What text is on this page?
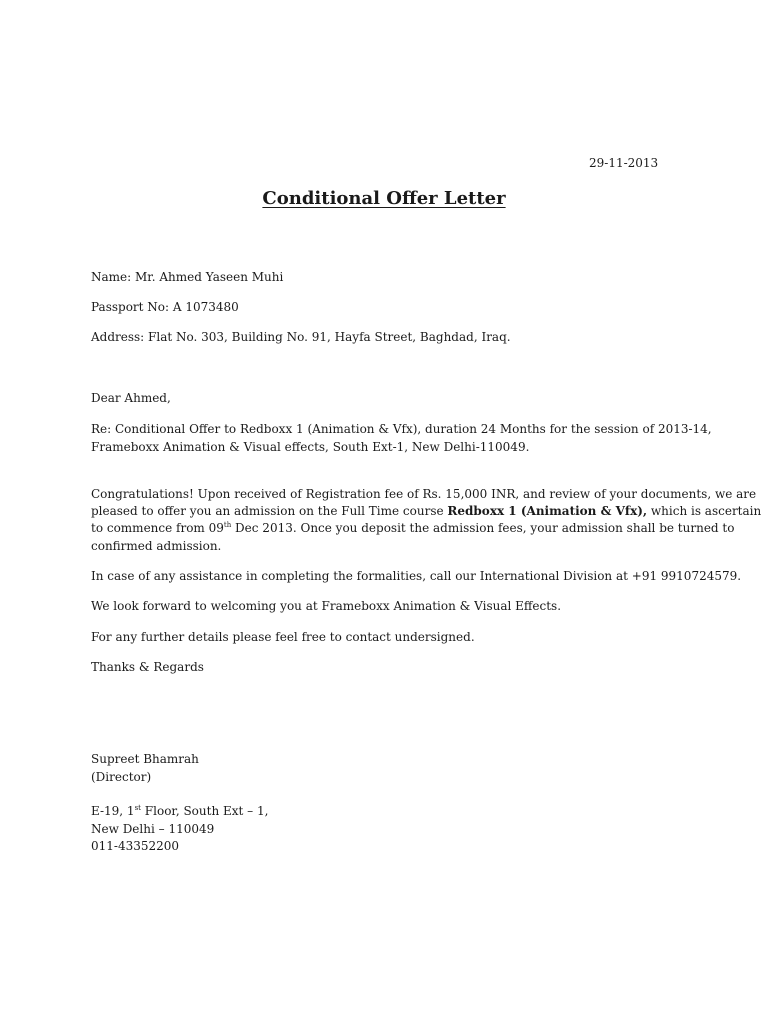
29-11-2013
Conditional Offer Letter
Name: Mr. Ahmed Yaseen Muhi
Passport No: A 1073480
Address: Flat No. 303, Building No. 91, Hayfa Street, Baghdad, Iraq.
Dear Ahmed,
Re: Conditional Offer to Redboxx 1 (Animation & Vfx), duration 24 Months for the session of 2013-14,
Frameboxx Animation & Visual effects, South Ext-1, New Delhi-110049.
Congratulations! Upon received of Registration fee of Rs. 15,000 INR, and review of your documents, we are
pleased to offer you an admission on the Full Time course Redboxx 1 (Animation & Vfx), which is ascertain
to commence from 09th Dec 2013. Once you deposit the admission fees, your admission shall be turned to
confirmed admission.
In case of any assistance in completing the formalities, call our International Division at +91 9910724579.
We look forward to welcoming you at Frameboxx Animation & Visual Effects.
For any further details please feel free to contact undersigned.
Thanks & Regards
Supreet Bhamrah
(Director)
E-19, 1st Floor, South Ext – 1,
New Delhi – 110049
011-43352200
